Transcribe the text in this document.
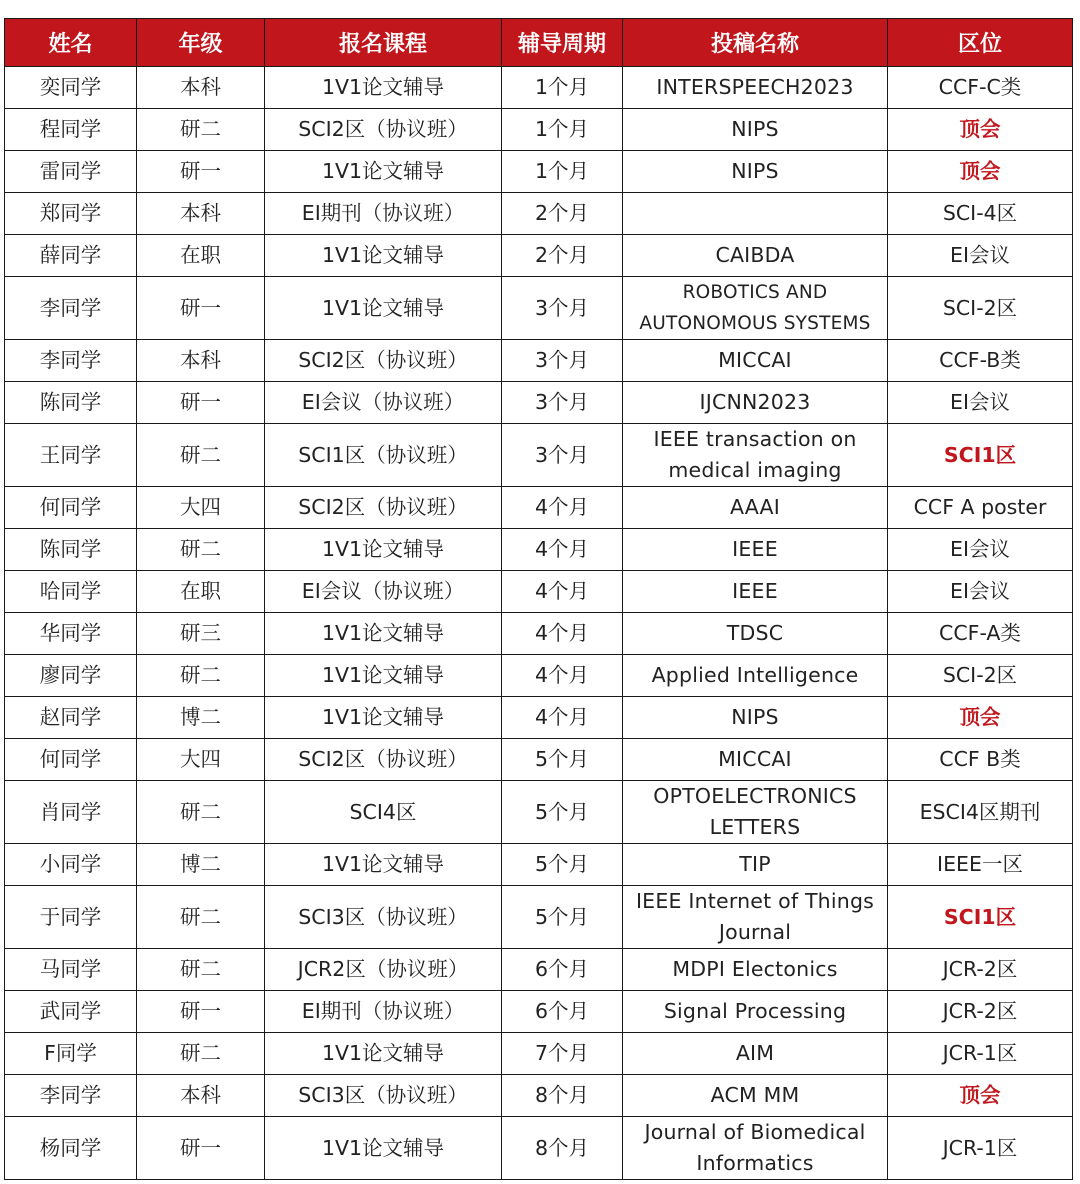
姓名	年级	报名课程	辅导周期	投稿名称	区位
奕同学	本科	1V1论文辅导	1个月	INTERSPEECH2023	CCF-C类
程同学	研二	SCI2区（协议班）	1个月	NIPS	顶会
雷同学	研一	1V1论文辅导	1个月	NIPS	顶会
郑同学	本科	EI期刊（协议班）	2个月		SCI-4区
薛同学	在职	1V1论文辅导	2个月	CAIBDA	EI会议
李同学	研一	1V1论文辅导	3个月	ROBOTICS AND AUTONOMOUS SYSTEMS	SCI-2区
李同学	本科	SCI2区（协议班）	3个月	MICCAI	CCF-B类
陈同学	研一	EI会议（协议班）	3个月	IJCNN2023	EI会议
王同学	研二	SCI1区（协议班）	3个月	IEEE transaction on medical imaging	SCI1区
何同学	大四	SCI2区（协议班）	4个月	AAAI	CCF A poster
陈同学	研二	1V1论文辅导	4个月	IEEE	EI会议
哈同学	在职	EI会议（协议班）	4个月	IEEE	EI会议
华同学	研三	1V1论文辅导	4个月	TDSC	CCF-A类
廖同学	研二	1V1论文辅导	4个月	Applied Intelligence	SCI-2区
赵同学	博二	1V1论文辅导	4个月	NIPS	顶会
何同学	大四	SCI2区（协议班）	5个月	MICCAI	CCF B类
肖同学	研二	SCI4区	5个月	OPTOELECTRONICS LETTERS	ESCI4区期刊
小同学	博二	1V1论文辅导	5个月	TIP	IEEE一区
于同学	研二	SCI3区（协议班）	5个月	IEEE Internet of Things Journal	SCI1区
马同学	研二	JCR2区（协议班）	6个月	MDPI Electonics	JCR-2区
武同学	研一	EI期刊（协议班）	6个月	Signal Processing	JCR-2区
F同学	研二	1V1论文辅导	7个月	AIM	JCR-1区
李同学	本科	SCI3区（协议班）	8个月	ACM MM	顶会
杨同学	研一	1V1论文辅导	8个月	Journal of Biomedical Informatics	JCR-1区
